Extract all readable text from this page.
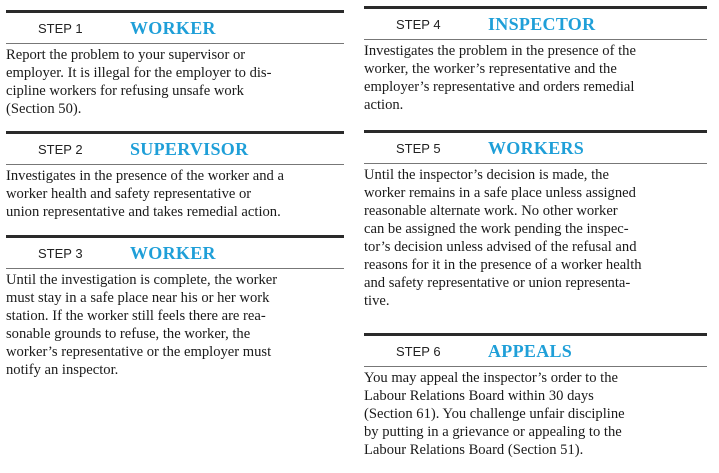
STEP 1	WORKER
Report the problem to your supervisor or
employer. It is illegal for the employer to dis-
cipline workers for refusing unsafe work
(Section 50).
STEP 2	SUPERVISOR
Investigates in the presence of the worker and a
worker health and safety representative or
union representative and takes remedial action.
STEP 3	WORKER
Until the investigation is complete, the worker
must stay in a safe place near his or her work
station. If the worker still feels there are rea-
sonable grounds to refuse, the worker, the
worker’s representative or the employer must
notify an inspector.
STEP 4	INSPECTOR
Investigates the problem in the presence of the
worker, the worker’s representative and the
employer’s representative and orders remedial
action.
STEP 5	WORKERS
Until the inspector’s decision is made, the
worker remains in a safe place unless assigned
reasonable alternate work. No other worker
can be assigned the work pending the inspec-
tor’s decision unless advised of the refusal and
reasons for it in the presence of a worker health
and safety representative or union representa-
tive.
STEP 6	APPEALS
You may appeal the inspector’s order to the
Labour Relations Board within 30 days
(Section 61). You challenge unfair discipline
by putting in a grievance or appealing to the
Labour Relations Board (Section 51).
